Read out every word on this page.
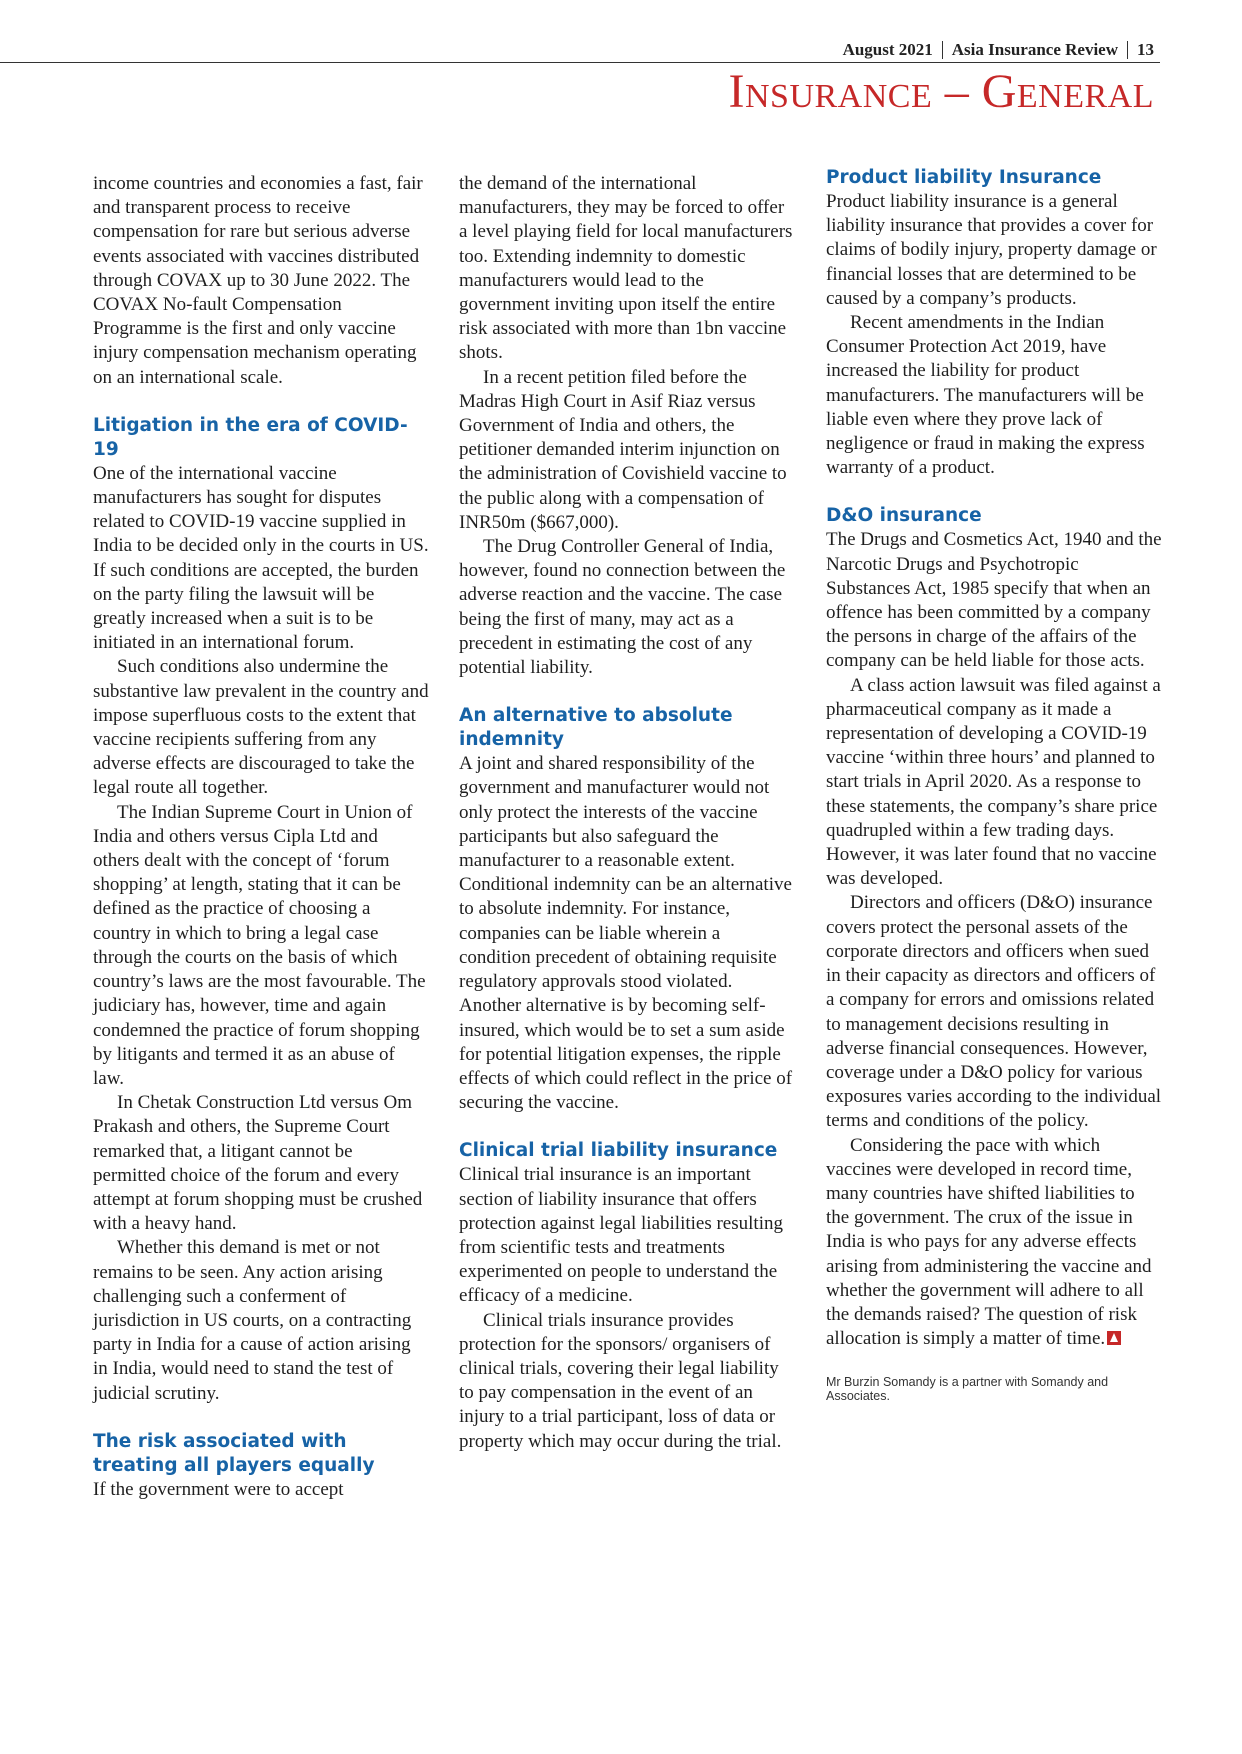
August 2021 Asia Insurance Review 13
Insurance – General

income countries and economies a fast, fair and transparent process to receive compensation for rare but serious adverse events associated with vaccines distributed through COVAX up to 30 June 2022. The COVAX No-fault Compensation Programme is the first and only vaccine injury compensation mechanism operating on an international scale.

Litigation in the era of COVID-19

One of the international vaccine manufacturers has sought for disputes related to COVID-19 vaccine supplied in India to be decided only in the courts in US. If such conditions are accepted, the burden on the party filing the lawsuit will be greatly increased when a suit is to be initiated in an international forum.

Such conditions also undermine the substantive law prevalent in the country and impose superfluous costs to the extent that vaccine recipients suffering from any adverse effects are discouraged to take the legal route all together.

The Indian Supreme Court in Union of India and others versus Cipla Ltd and others dealt with the concept of ‘forum shopping’ at length, stating that it can be defined as the practice of choosing a country in which to bring a legal case through the courts on the basis of which country’s laws are the most favourable. The judiciary has, however, time and again condemned the practice of forum shopping by litigants and termed it as an abuse of law.

In Chetak Construction Ltd versus Om Prakash and others, the Supreme Court remarked that, a litigant cannot be permitted choice of the forum and every attempt at forum shopping must be crushed with a heavy hand.

Whether this demand is met or not remains to be seen. Any action arising challenging such a conferment of jurisdiction in US courts, on a contracting party in India for a cause of action arising in India, would need to stand the test of judicial scrutiny.

The risk associated with treating all players equally

If the government were to accept

the demand of the international manufacturers, they may be forced to offer a level playing field for local manufacturers too. Extending indemnity to domestic manufacturers would lead to the government inviting upon itself the entire risk associated with more than 1bn vaccine shots.

In a recent petition filed before the Madras High Court in Asif Riaz versus Government of India and others, the petitioner demanded interim injunction on the administration of Covishield vaccine to the public along with a compensation of INR50m ($667,000).

The Drug Controller General of India, however, found no connection between the adverse reaction and the vaccine. The case being the first of many, may act as a precedent in estimating the cost of any potential liability.

An alternative to absolute indemnity

A joint and shared responsibility of the government and manufacturer would not only protect the interests of the vaccine participants but also safeguard the manufacturer to a reasonable extent. Conditional indemnity can be an alternative to absolute indemnity. For instance, companies can be liable wherein a condition precedent of obtaining requisite regulatory approvals stood violated. Another alternative is by becoming self-insured, which would be to set a sum aside for potential litigation expenses, the ripple effects of which could reflect in the price of securing the vaccine.

Clinical trial liability insurance

Clinical trial insurance is an important section of liability insurance that offers protection against legal liabilities resulting from scientific tests and treatments experimented on people to understand the efficacy of a medicine.

Clinical trials insurance provides protection for the sponsors/ organisers of clinical trials, covering their legal liability to pay compensation in the event of an injury to a trial participant, loss of data or property which may occur during the trial.

Product liability Insurance

Product liability insurance is a general liability insurance that provides a cover for claims of bodily injury, property damage or financial losses that are determined to be caused by a company’s products.

Recent amendments in the Indian Consumer Protection Act 2019, have increased the liability for product manufacturers. The manufacturers will be liable even where they prove lack of negligence or fraud in making the express warranty of a product.

D&O insurance

The Drugs and Cosmetics Act, 1940 and the Narcotic Drugs and Psychotropic Substances Act, 1985 specify that when an offence has been committed by a company the persons in charge of the affairs of the company can be held liable for those acts.

A class action lawsuit was filed against a pharmaceutical company as it made a representation of developing a COVID-19 vaccine ‘within three hours’ and planned to start trials in April 2020. As a response to these statements, the company’s share price quadrupled within a few trading days. However, it was later found that no vaccine was developed.

Directors and officers (D&O) insurance covers protect the personal assets of the corporate directors and officers when sued in their capacity as directors and officers of a company for errors and omissions related to management decisions resulting in adverse financial consequences. However, coverage under a D&O policy for various exposures varies according to the individual terms and conditions of the policy.

Considering the pace with which vaccines were developed in record time, many countries have shifted liabilities to the government. The crux of the issue in India is who pays for any adverse effects arising from administering the vaccine and whether the government will adhere to all the demands raised? The question of risk allocation is simply a matter of time.

Mr Burzin Somandy is a partner with Somandy and Associates.
